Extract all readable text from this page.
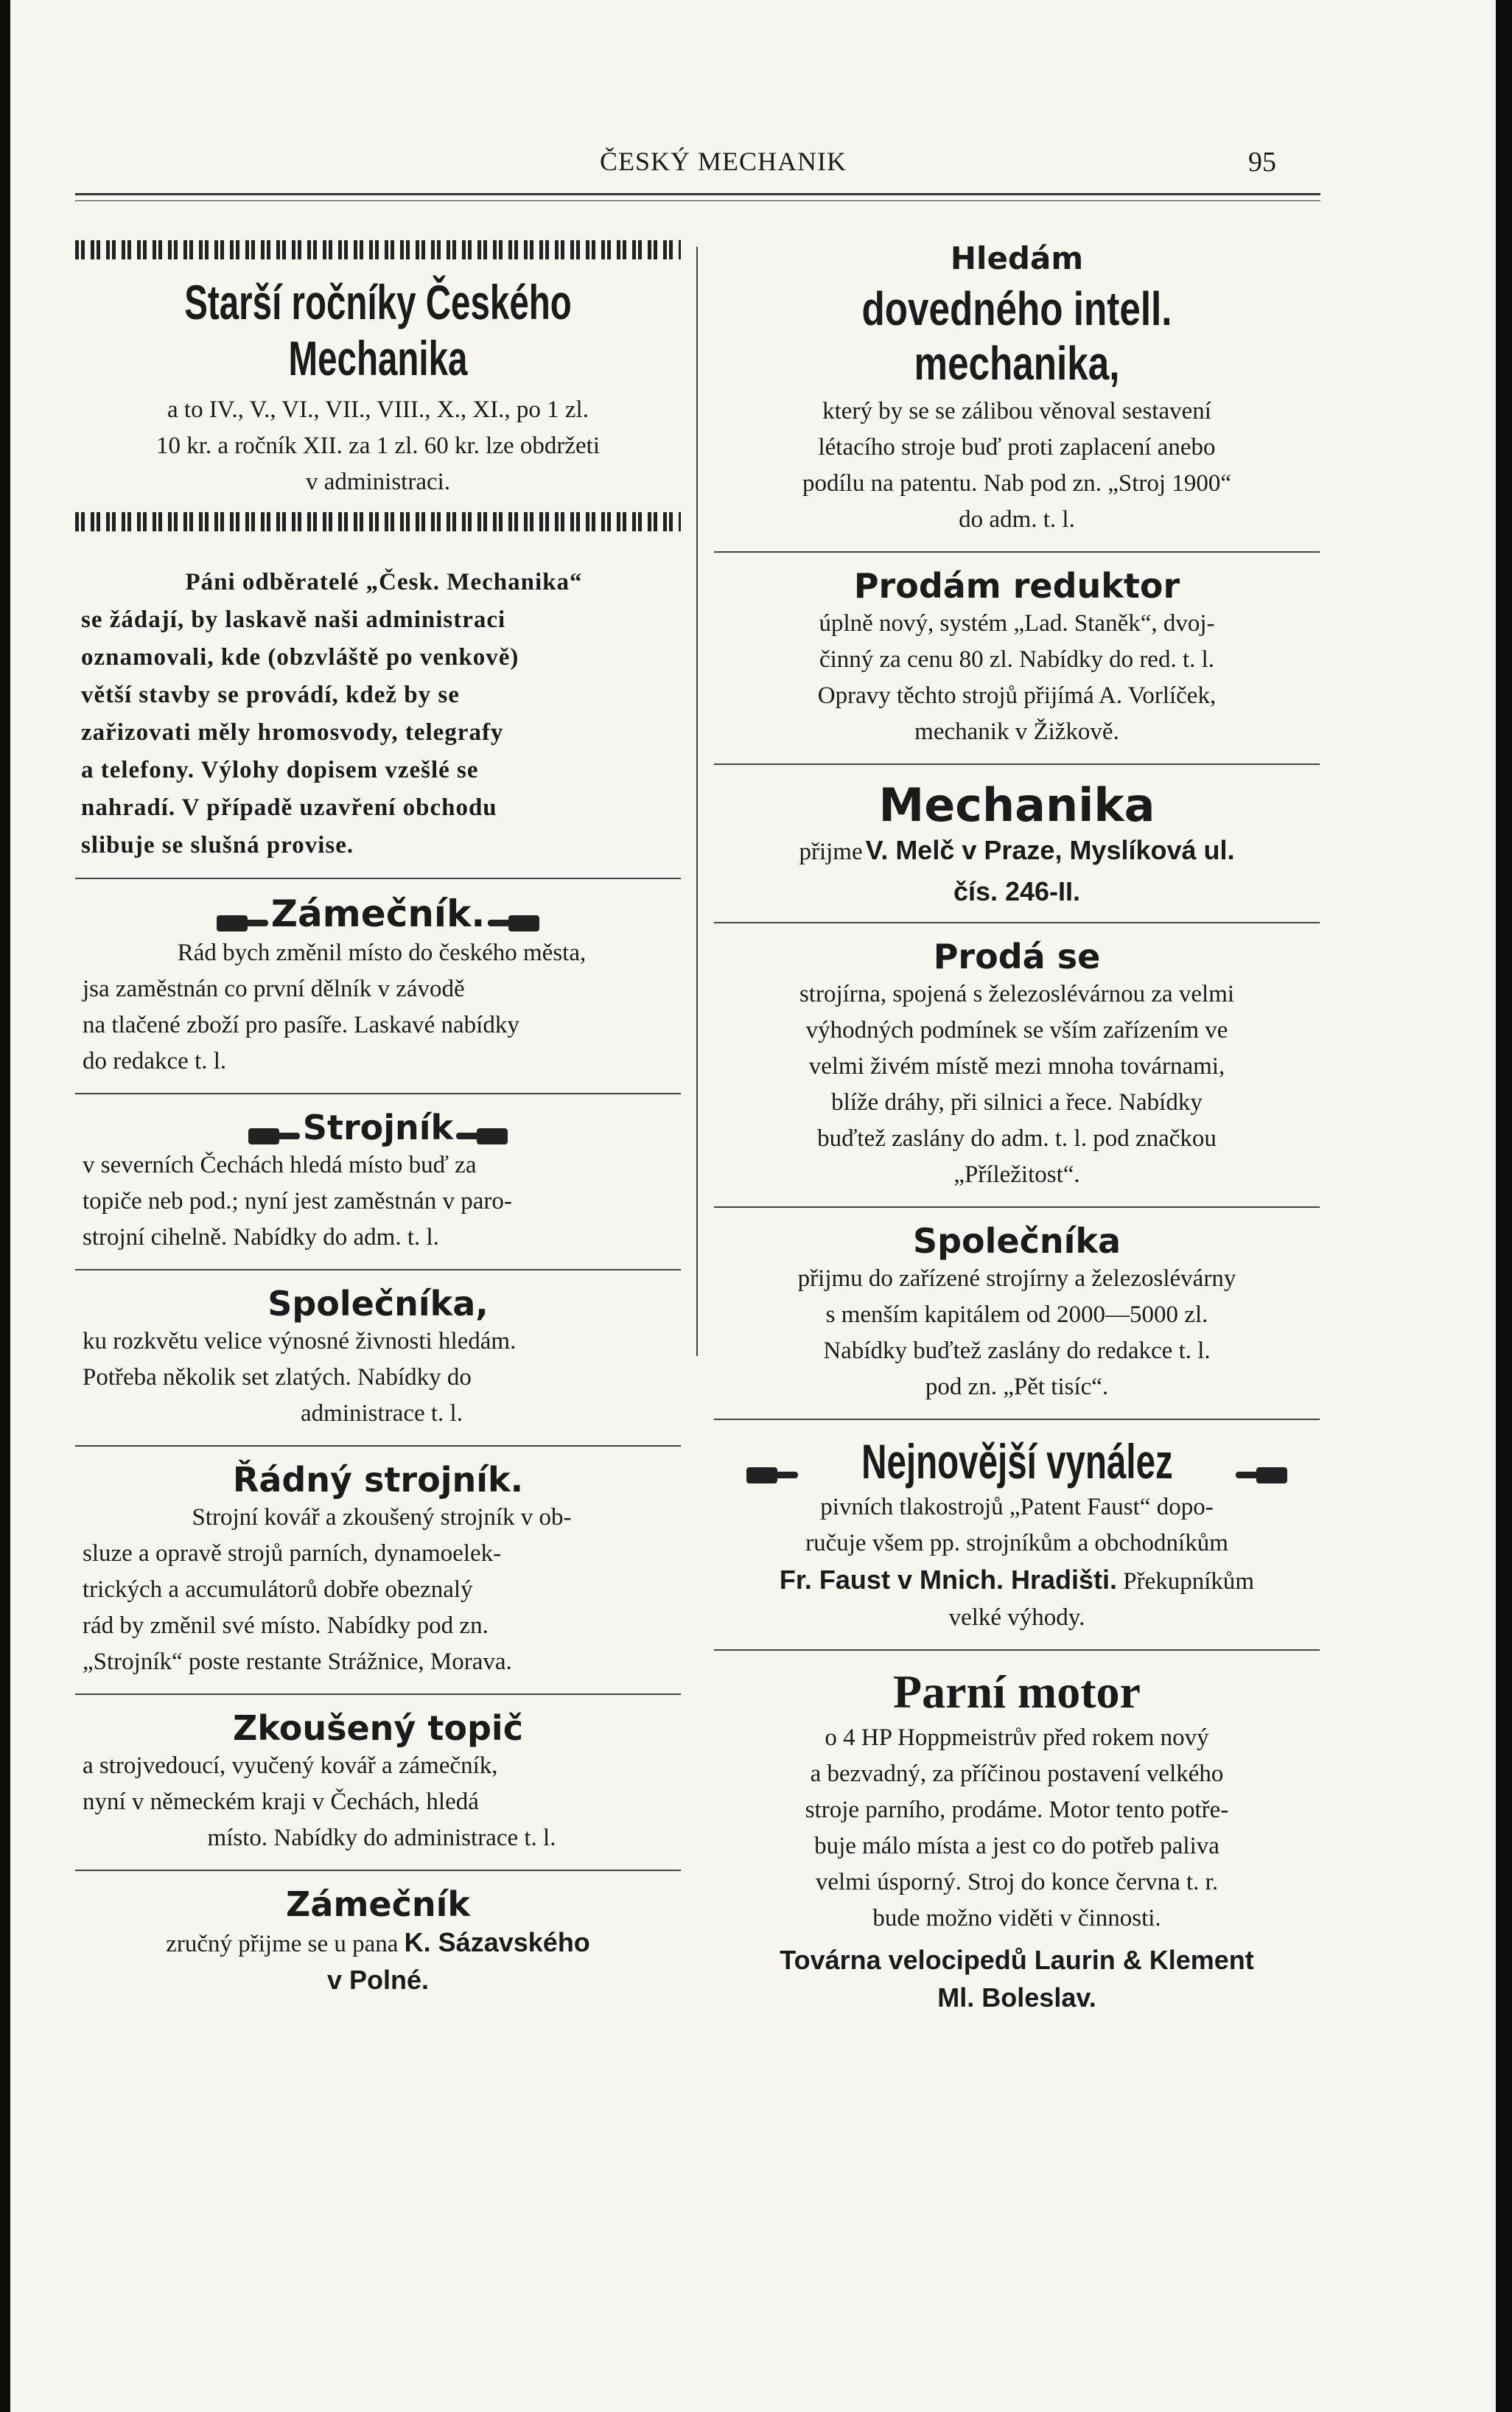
ČESKÝ MECHANIK	95
Starší ročníky Českého Mechanika
a to IV., V., VI., VII., VIII., X., XI., po 1 zl.
10 kr. a ročník XII. za 1 zl. 60 kr. lze obdržeti
v administraci.
Páni odběratelé „Česk. Mechanika“
se žádají, by laskavě naši administraci
oznamovali, kde (obzvláště po venkově)
větší stavby se provádí, kdež by se
zařizovati měly hromosvody, telegrafy
a telefony. Výlohy dopisem vzešlé se
nahradí. V případě uzavření obchodu
slibuje se slušná provise.
Zámečník.
Rád bych změnil místo do českého města,
jsa zaměstnán co první dělník v závodě
na tlačené zboží pro pasíře. Laskavé nabídky
do redakce t. l.
Strojník
v severních Čechách hledá místo buď za
topiče neb pod.; nyní jest zaměstnán v paro-
strojní cihelně. Nabídky do adm. t. l.
Společníka,
ku rozkvětu velice výnosné živnosti hledám.
Potřeba několik set zlatých. Nabídky do
administrace t. l.
Řádný strojník.
Strojní kovář a zkoušený strojník v ob-
sluze a opravě strojů parních, dynamoelek-
trických a accumulátorů dobře obeznalý
rád by změnil své místo. Nabídky pod zn.
„Strojník“ poste restante Strážnice, Morava.
Zkoušený topič
a strojvedoucí, vyučený kovář a zámečník,
nyní v německém kraji v Čechách, hledá
místo. Nabídky do administrace t. l.
Zámečník
zručný přijme se u pana K. Sázavského
v Polné.
Hledám
dovedného intell. mechanika,
který by se se zálibou věnoval sestavení
létacího stroje buď proti zaplacení anebo
podílu na patentu. Nab pod zn. „Stroj 1900“
do adm. t. l.
Prodám reduktor
úplně nový, systém „Lad. Staněk“, dvoj-
činný za cenu 80 zl. Nabídky do red. t. l.
Opravy těchto strojů přijímá A. Vorlíček,
mechanik v Žižkově.
Mechanika
přijme V. Melč v Praze, Myslíková ul.
čís. 246-II.
Prodá se
strojírna, spojená s železoslévárnou za velmi
výhodných podmínek se vším zařízením ve
velmi živém místě mezi mnoha továrnami,
blíže dráhy, při silnici a řece. Nabídky
buďtež zaslány do adm. t. l. pod značkou
„Příležitost“.
Společníka
přijmu do zařízené strojírny a železoslévárny
s menším kapitálem od 2000—5000 zl.
Nabídky buďtež zaslány do redakce t. l.
pod zn. „Pět tisíc“.
Nejnovější vynález
pivních tlakostrojů „Patent Faust“ dopo-
ručuje všem pp. strojníkům a obchodníkům
Fr. Faust v Mnich. Hradišti. Překupníkům
velké výhody.
Parní motor
o 4 HP Hoppmeistrův před rokem nový
a bezvadný, za příčinou postavení velkého
stroje parního, prodáme. Motor tento potře-
buje málo místa a jest co do potřeb paliva
velmi úsporný. Stroj do konce června t. r.
bude možno viděti v činnosti.
Továrna velocipedů Laurin & Klement
Ml. Boleslav.
